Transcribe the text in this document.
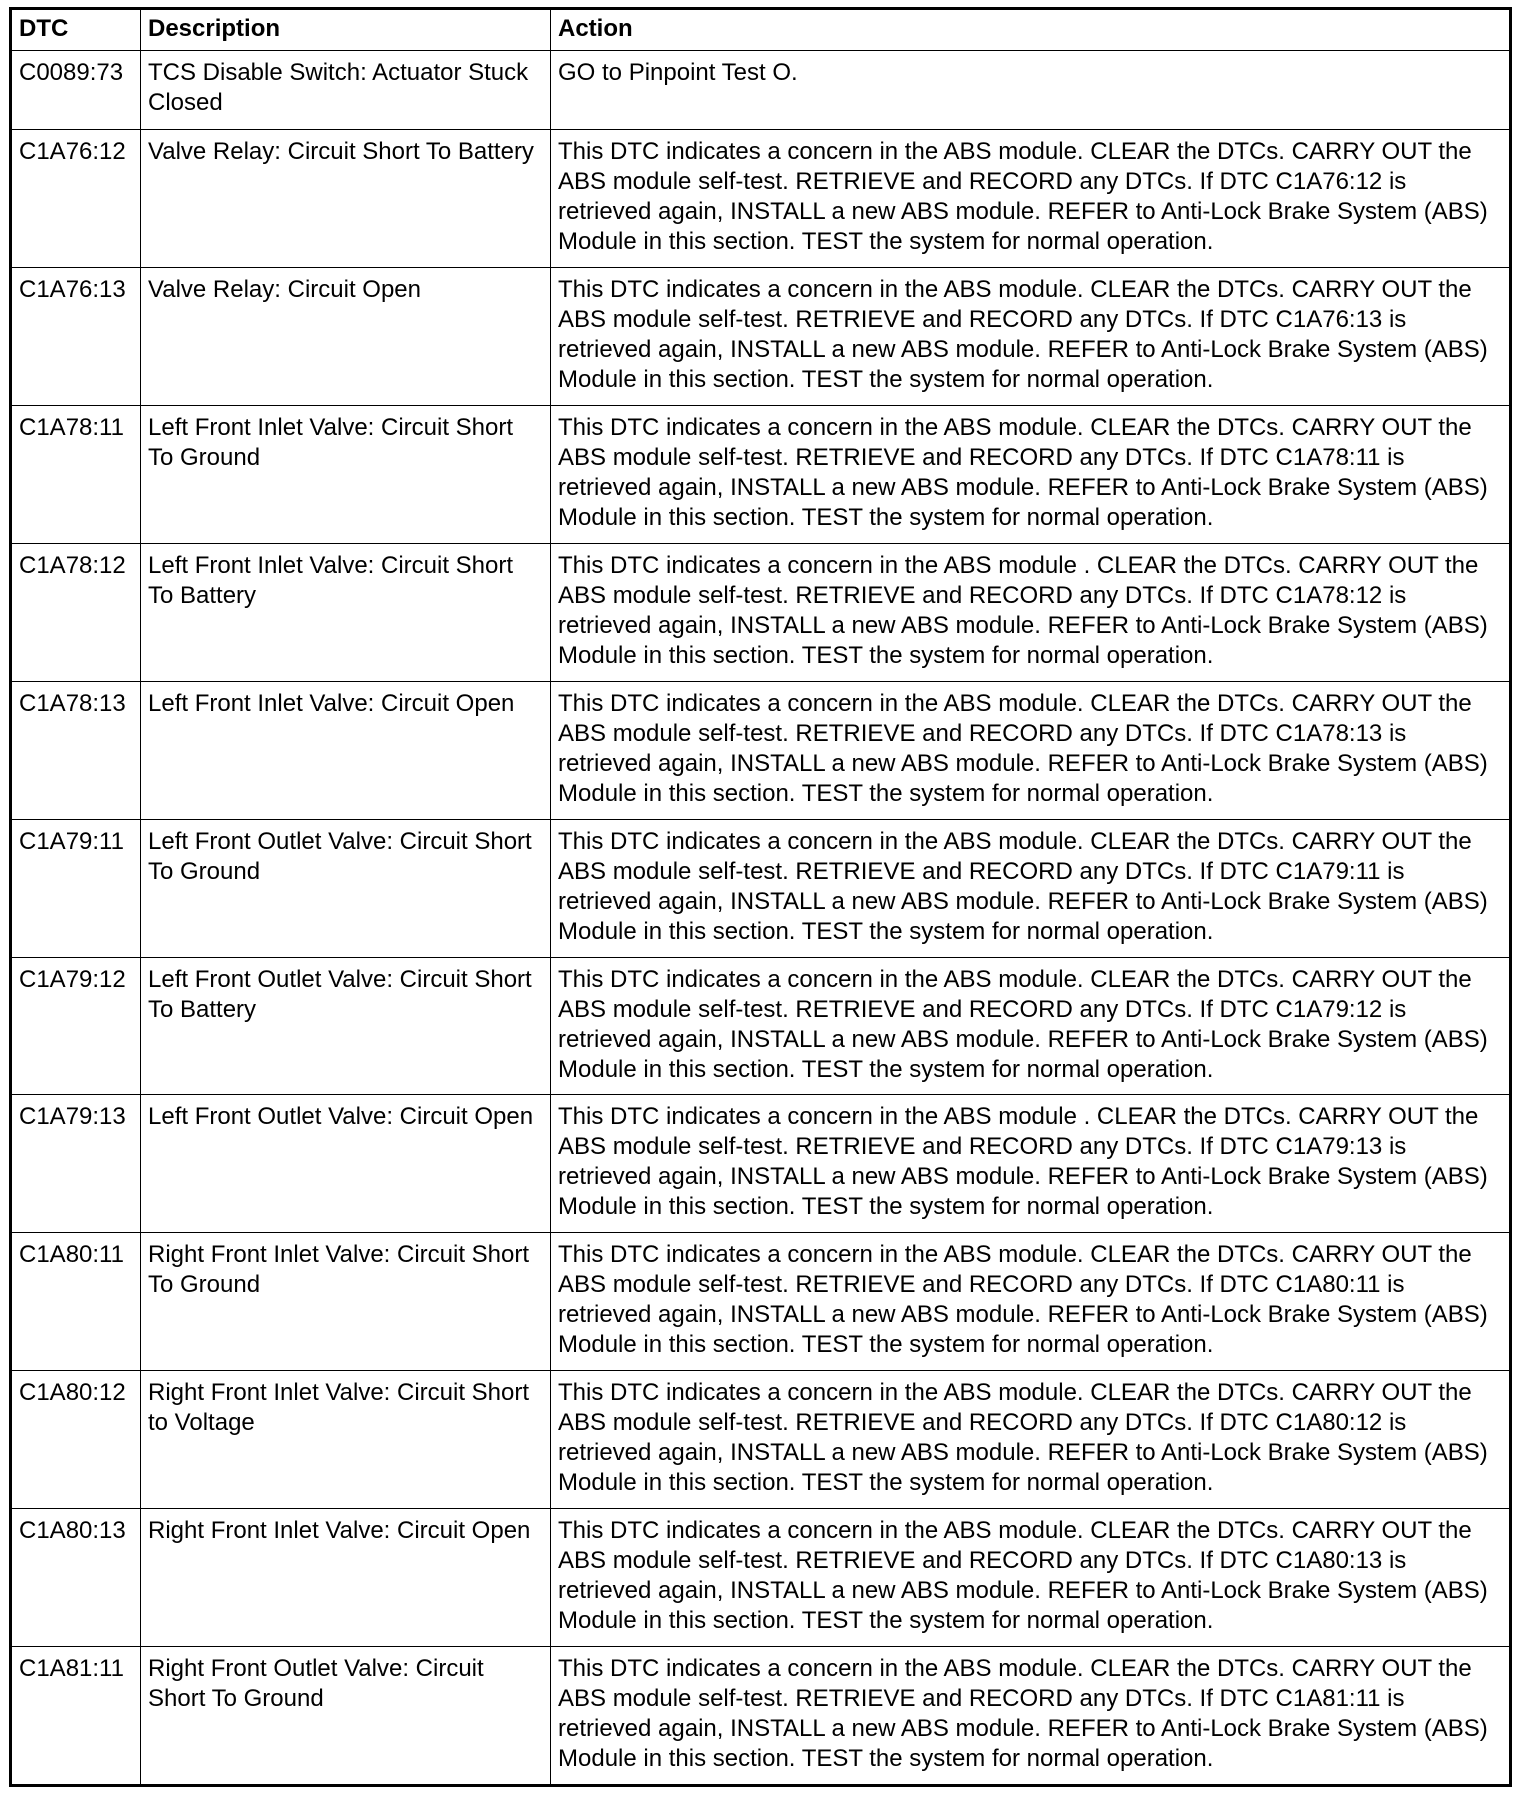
DTC	Description	Action
C0089:73	TCS Disable Switch: Actuator Stuck Closed	GO to Pinpoint Test O.
C1A76:12	Valve Relay: Circuit Short To Battery	This DTC indicates a concern in the ABS module. CLEAR the DTCs. CARRY OUT the ABS module self-test. RETRIEVE and RECORD any DTCs. If DTC C1A76:12 is retrieved again, INSTALL a new ABS module. REFER to Anti-Lock Brake System (ABS) Module in this section. TEST the system for normal operation.
C1A76:13	Valve Relay: Circuit Open	This DTC indicates a concern in the ABS module. CLEAR the DTCs. CARRY OUT the ABS module self-test. RETRIEVE and RECORD any DTCs. If DTC C1A76:13 is retrieved again, INSTALL a new ABS module. REFER to Anti-Lock Brake System (ABS) Module in this section. TEST the system for normal operation.
C1A78:11	Left Front Inlet Valve: Circuit Short To Ground	This DTC indicates a concern in the ABS module. CLEAR the DTCs. CARRY OUT the ABS module self-test. RETRIEVE and RECORD any DTCs. If DTC C1A78:11 is retrieved again, INSTALL a new ABS module. REFER to Anti-Lock Brake System (ABS) Module in this section. TEST the system for normal operation.
C1A78:12	Left Front Inlet Valve: Circuit Short To Battery	This DTC indicates a concern in the ABS module . CLEAR the DTCs. CARRY OUT the ABS module self-test. RETRIEVE and RECORD any DTCs. If DTC C1A78:12 is retrieved again, INSTALL a new ABS module. REFER to Anti-Lock Brake System (ABS) Module in this section. TEST the system for normal operation.
C1A78:13	Left Front Inlet Valve: Circuit Open	This DTC indicates a concern in the ABS module. CLEAR the DTCs. CARRY OUT the ABS module self-test. RETRIEVE and RECORD any DTCs. If DTC C1A78:13 is retrieved again, INSTALL a new ABS module. REFER to Anti-Lock Brake System (ABS) Module in this section. TEST the system for normal operation.
C1A79:11	Left Front Outlet Valve: Circuit Short To Ground	This DTC indicates a concern in the ABS module. CLEAR the DTCs. CARRY OUT the ABS module self-test. RETRIEVE and RECORD any DTCs. If DTC C1A79:11 is retrieved again, INSTALL a new ABS module. REFER to Anti-Lock Brake System (ABS) Module in this section. TEST the system for normal operation.
C1A79:12	Left Front Outlet Valve: Circuit Short To Battery	This DTC indicates a concern in the ABS module. CLEAR the DTCs. CARRY OUT the ABS module self-test. RETRIEVE and RECORD any DTCs. If DTC C1A79:12 is retrieved again, INSTALL a new ABS module. REFER to Anti-Lock Brake System (ABS) Module in this section. TEST the system for normal operation.
C1A79:13	Left Front Outlet Valve: Circuit Open	This DTC indicates a concern in the ABS module . CLEAR the DTCs. CARRY OUT the ABS module self-test. RETRIEVE and RECORD any DTCs. If DTC C1A79:13 is retrieved again, INSTALL a new ABS module. REFER to Anti-Lock Brake System (ABS) Module in this section. TEST the system for normal operation.
C1A80:11	Right Front Inlet Valve: Circuit Short To Ground	This DTC indicates a concern in the ABS module. CLEAR the DTCs. CARRY OUT the ABS module self-test. RETRIEVE and RECORD any DTCs. If DTC C1A80:11 is retrieved again, INSTALL a new ABS module. REFER to Anti-Lock Brake System (ABS) Module in this section. TEST the system for normal operation.
C1A80:12	Right Front Inlet Valve: Circuit Short to Voltage	This DTC indicates a concern in the ABS module. CLEAR the DTCs. CARRY OUT the ABS module self-test. RETRIEVE and RECORD any DTCs. If DTC C1A80:12 is retrieved again, INSTALL a new ABS module. REFER to Anti-Lock Brake System (ABS) Module in this section. TEST the system for normal operation.
C1A80:13	Right Front Inlet Valve: Circuit Open	This DTC indicates a concern in the ABS module. CLEAR the DTCs. CARRY OUT the ABS module self-test. RETRIEVE and RECORD any DTCs. If DTC C1A80:13 is retrieved again, INSTALL a new ABS module. REFER to Anti-Lock Brake System (ABS) Module in this section. TEST the system for normal operation.
C1A81:11	Right Front Outlet Valve: Circuit Short To Ground	This DTC indicates a concern in the ABS module. CLEAR the DTCs. CARRY OUT the ABS module self-test. RETRIEVE and RECORD any DTCs. If DTC C1A81:11 is retrieved again, INSTALL a new ABS module. REFER to Anti-Lock Brake System (ABS) Module in this section. TEST the system for normal operation.
